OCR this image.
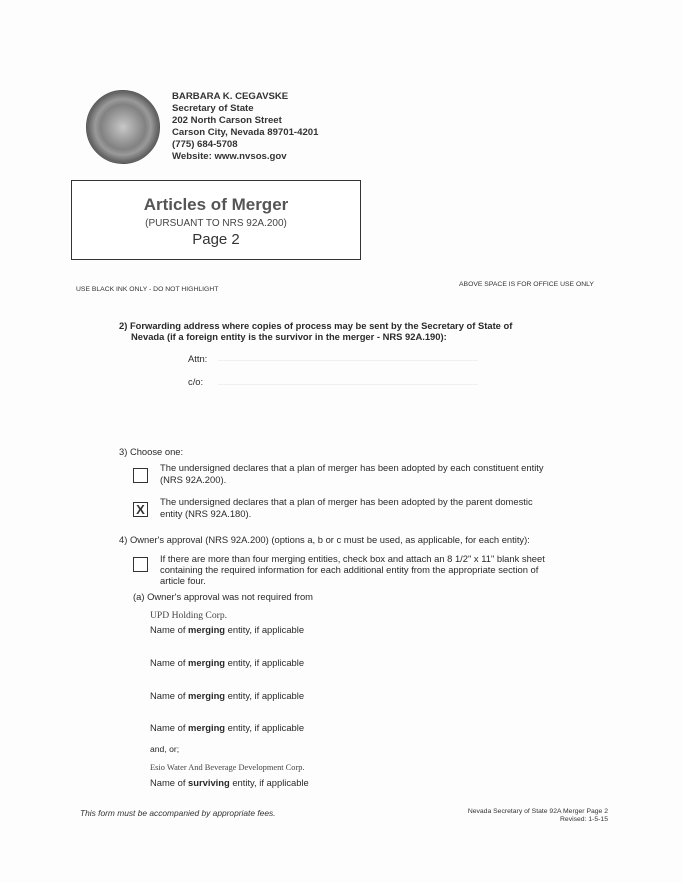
BARBARA K. CEGAVSKE
Secretary of State
202 North Carson Street
Carson City, Nevada 89701-4201
(775) 684-5708
Website: www.nvsos.gov
Articles of Merger
(PURSUANT TO NRS 92A.200)
Page 2
USE BLACK INK ONLY - DO NOT HIGHLIGHT
ABOVE SPACE IS FOR OFFICE USE ONLY
2) Forwarding address where copies of process may be sent by the Secretary of State of
Nevada (if a foreign entity is the survivor in the merger - NRS 92A.190):
Attn:
c/o:
3) Choose one:
The undersigned declares that a plan of merger has been adopted by each constituent entity
(NRS 92A.200).
X
The undersigned declares that a plan of merger has been adopted by the parent domestic
entity (NRS 92A.180).
4) Owner's approval (NRS 92A.200) (options a, b or c must be used, as applicable, for each entity):
If there are more than four merging entities, check box and attach an 8 1/2" x 11" blank sheet
containing the required information for each additional entity from the appropriate section of
article four.
(a) Owner's approval was not required from
UPD Holding Corp.
Name of merging entity, if applicable
Name of merging entity, if applicable
Name of merging entity, if applicable
Name of merging entity, if applicable
and, or;
Esio Water And Beverage Development Corp.
Name of surviving entity, if applicable
This form must be accompanied by appropriate fees.	Nevada Secretary of State 92A Merger Page 2
Revised: 1-5-15
